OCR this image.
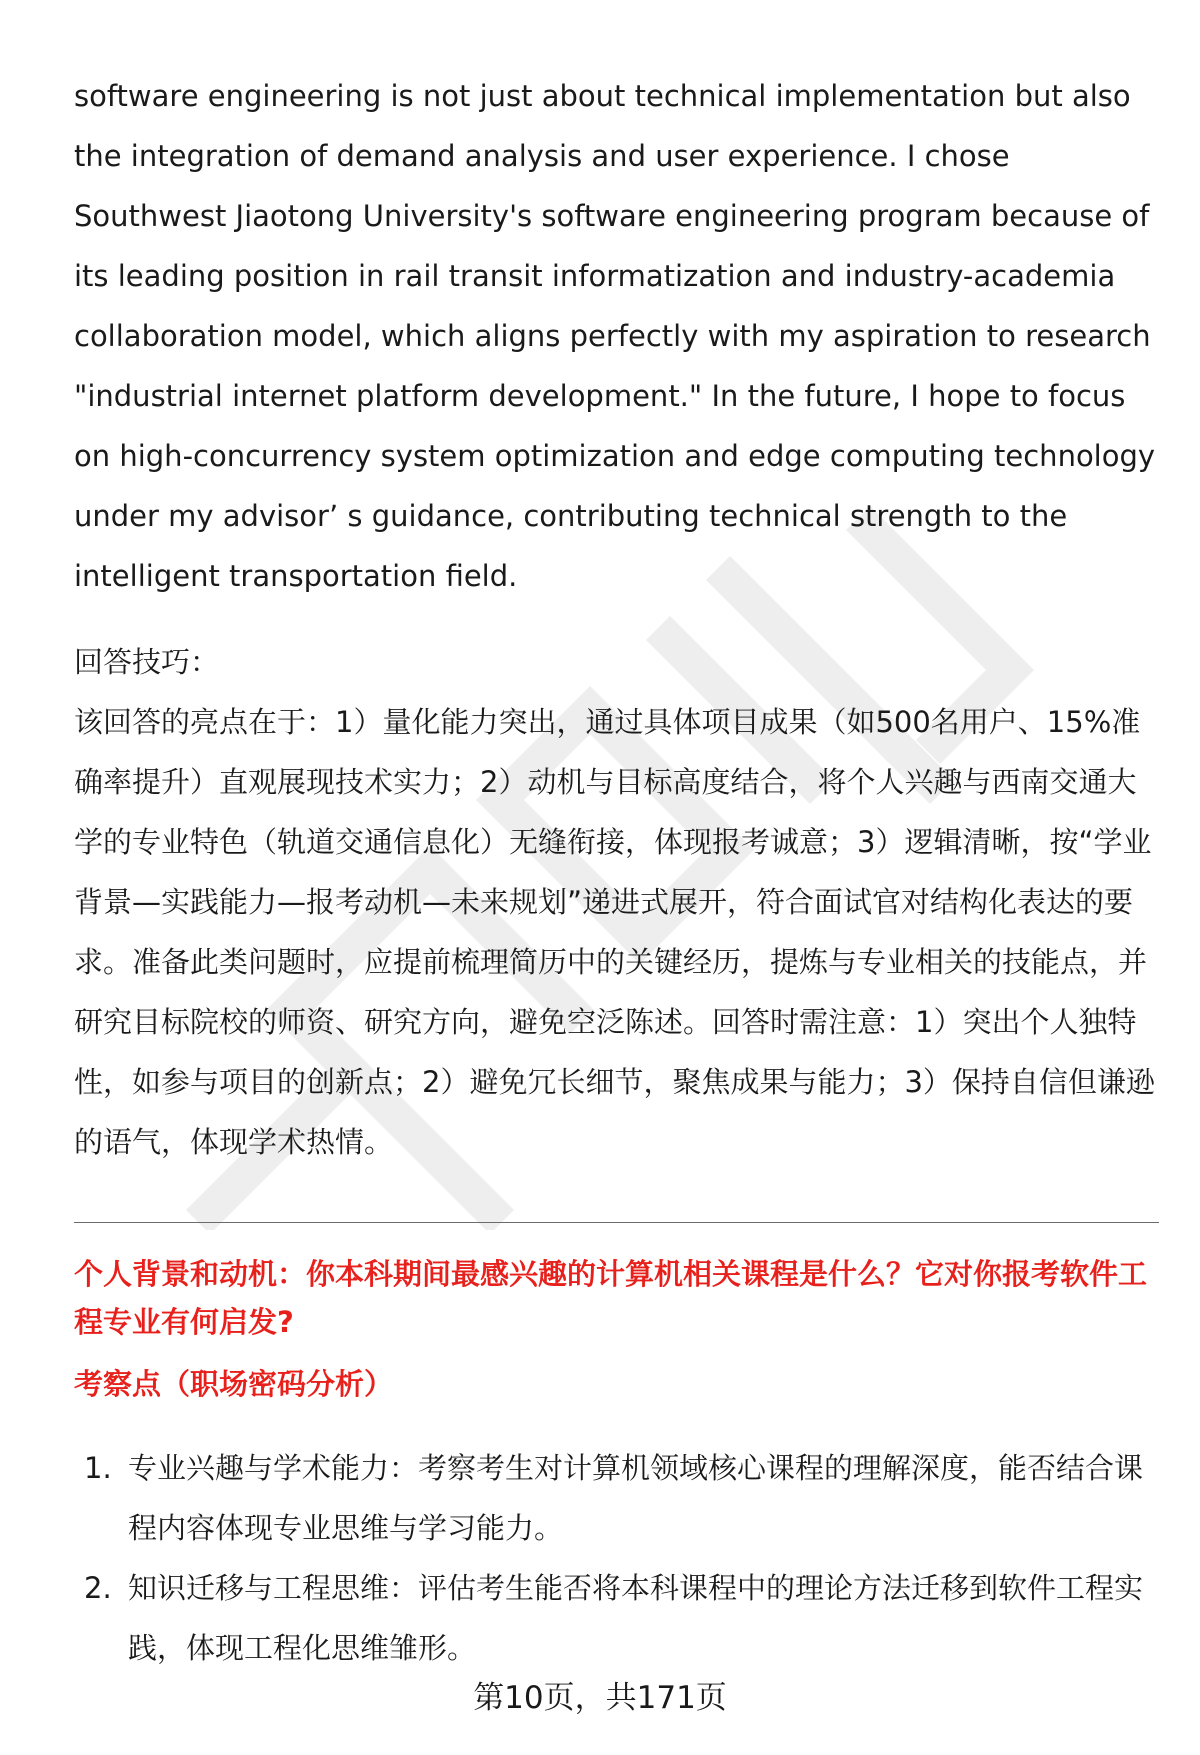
software engineering is not just about technical implementation but also the integration of demand analysis and user experience. I chose Southwest Jiaotong University's software engineering program because of its leading position in rail transit informatization and industry-academia collaboration model, which aligns perfectly with my aspiration to research "industrial internet platform development." In the future, I hope to focus on high-concurrency system optimization and edge computing technology under my advisor’ s guidance, contributing technical strength to the intelligent transportation field.

回答技巧：

该回答的亮点在于：1）量化能力突出，通过具体项目成果（如500名用户、15%准确率提升）直观展现技术实力；2）动机与目标高度结合，将个人兴趣与西南交通大学的专业特色（轨道交通信息化）无缝衔接，体现报考诚意；3）逻辑清晰，按“学业背景—实践能力—报考动机—未来规划”递进式展开，符合面试官对结构化表达的要求。准备此类问题时，应提前梳理简历中的关键经历，提炼与专业相关的技能点，并研究目标院校的师资、研究方向，避免空泛陈述。回答时需注意：1）突出个人独特性，如参与项目的创新点；2）避免冗长细节，聚焦成果与能力；3）保持自信但谦逊的语气，体现学术热情。

个人背景和动机：你本科期间最感兴趣的计算机相关课程是什么？它对你报考软件工程专业有何启发?

考察点（职场密码分析）

1. 专业兴趣与学术能力：考察考生对计算机领域核心课程的理解深度，能否结合课程内容体现专业思维与学习能力。
2. 知识迁移与工程思维：评估考生能否将本科课程中的理论方法迁移到软件工程实践，体现工程化思维雏形。
第10页，共171页
